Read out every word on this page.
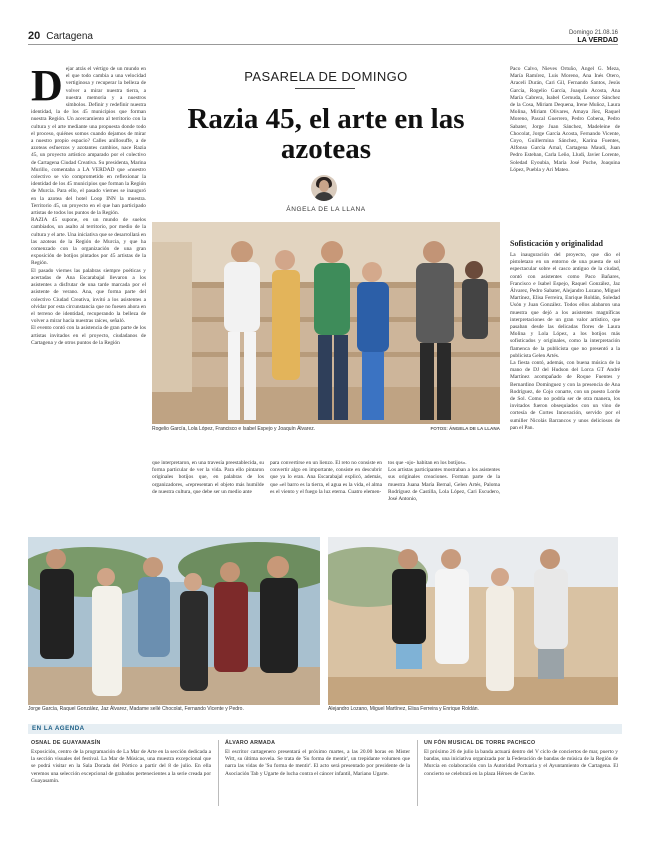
20 Cartagena	Domingo 21.08.16
LA VERDAD
D ejar atrás el vértigo de un mundo en el que todo cambia a una velocidad vertiginosa y recuperar la belleza de volver a mirar nuestra tierra, a nuestra memoria y a nuestros símbolos. Definir y redefinir nuestra identidad, la de los 45 municipios que forman nuestra Región. Un acercamiento al territorio con la cultura y el arte mediante una propuesta donde todo el proceso, quiénes somos cuando dejamos de mirar a nuestro propio espacio? Calles anillosuffe, a de azoteas esfuerzos y azotantes cambios, nace Razia 45, un proyecto artístico amparado por el colectivo de Cartagena Ciudad Creativa. Su presidenta, Marina Murillo, comentaba a LA VERDAD que «nuestro colectivo se vio comprometido en reflexionar la identidad de los 45 municipios que forman la Región de Murcia. Para ello, el pasado viernes se inauguró en la azotea del hotel Loop INN la muestra. Territorio 45, un proyecto en el que han participado artistas de todos los puntos de la Región.
RAZIA 45 supone, en un mundo de suelos cambiados, un asalto al territorio, por medio de la cultura y el arte. Una iniciativa que se desarrollará en las azoteas de la Región de Murcia, y que ha comenzado con la organización de una gran exposición de botijos pintados por 45 artistas de la Región.
El pasado viernes las palabras siempre poéticas y acertadas de Ana Escarabajal llevaron a los asistentes a disfrutar de una tarde marcada por el asistente de verano. Ana, que forma parte del colectivo Ciudad Creativa, invitó a los asistentes a olvidar por esta circunstancia que no fuesen ahora en el terreno de identidad, recuperando la belleza de volver a mirar hacia nuestras raíces, señaló.
El evento contó con la asistencia de gran parte de los artistas invitados en el proyecto, ciudadanos de Cartagena y de otros puntos de la Región
PASARELA DE DOMINGO
Razia 45, el arte en las azoteas
ÁNGELA DE LA LLANA
Rogelio García, Lola López, Francisco e Isabel Espejo y Joaquín Álvarez.	FOTOS: ÁNGELA DE LA LLANA
Paco Calvo, Nieves Ortuño, Ángel G. Meza, María Ramírez, Luis Moreno, Ana Inés Otero, Araceli Durán, Cari Gil, Fernando Santos, Jesús García, Rogelio García, Joaquín Acosta, Ana María Cabrera, Isabel Cernuda, Leonor Sánchez de la Cosa, Miriam Dequena, Irene Muñoz, Laura Molina, Miriam Olivares, Amaya Jíez, Raquel Moreno, Pascal Guerrero, Pedro Cobena, Pedro Sabater, Jorge Juan Sánchez, Madeleine de Chocolat, Jorge García Acosta, Fernando Vicente, Coyo, Guillermina Sánchez, Karina Fuentes, Alfonso García Arnal, Cartagena Maudi, Juan Pedro Esteban, Carla Leño, Lludi, Javier Lorente, Soledad Eyoubia, María José Puche, Joaquina López, Puebla y Ari Mateo.
Sofisticación y originalidad
La inauguración del proyecto, que dio el pistoletazo en un entorno de una puesta de sol espectacular sobre el casco antiguo de la ciudad, contó con asistentes como Paco Bañares, Francisco e Isabel Espejo, Raquel González, Jaz Álvarez, Pedro Sabater, Alejandro Lozano, Miguel Martínez, Elisa Ferreira, Enrique Roldán, Soledad Usón y Juan González. Todos ellos alabaron una muestra que dejó a los asistentes magníficas interpretaciones de un gran valor artístico, que pasaban desde las delicadas flores de Laura Molina y Lola López, a los botijos más sofisticados y originales, como la interpretación flamenca de la publicista que no presentó a la publicista Gelen Artés.
La fiesta contó, además, con buena música de la mano de DJ del Hudson del Lorca GT André Martínez acompañado de Roque Fuentes y Bernardino Domínguez y con la presencia de Ana Rodríguez, de Cojo conarte, con un puesto Lorde de Sol. Como no podría ser de otra manera, los invitados fueron obsequiados con un vino de cortesía de Cortes Innovación, servido por el sumiller Nicolás Barrancos y unos deliciosos de pan el Pan.
que interpretaron, en una travesía preestablecida, su forma particular de ver la vida. Para ello pintaron originales botijos que, en palabras de los organizadores, «representan el objeto más humilde de nuestra cultura, que debe ser un medio ante
para convertirse en un lienzo. El reto no consiste en convertir algo en importante, consiste en descubrir que ya lo eran. Ana Escarabajal explicó, además, que «el barro es la tierra, el agua es la vida, el alma es el viento y el fuego la luz eterna. Cuatro elemen-
tos que -ojo- habitan en los botijos».
Los artistas participantes mostraban a los asistentes sus originales creaciones. Forman parte de la muestra Juana María Bernal, Gelen Artés, Paloma Rodríguez de Castilla, Lola López, Cari Escudero, José Antonio,
Jorge García, Raquel González, Jaz Álvarez, Madame sellé Chocolat, Fernando Vicente y Pedro.	Alejandro Lozano, Miguel Martínez, Elisa Ferreira y Enrique Roldán.
EN LA AGENDA
OSNAL DE GUAYAMASÍN
Exposición, centro de la programación de La Mar de Arte en la sección dedicada a la sección visuales del festival. La Mar de Músicas, una muestra excepcional que se podrá visitar en la Sala Dorada del Pórtico a partir del 8 de julio. En ella veremos una selección excepcional de grabados pertenecientes a la serie creada por Guayasamín.
ÁLVARO ARMADA
El escritor cartagenero presentará el próximo martes, a las 20.00 horas en Mister Witt, su última novela. Se trata de 'Su forma de mentir', un trepidante volumen que narra las vidas de 'Su forma de mentir'. El acto será presentado por presidente de la Asociación Tab y Ugarte de lucha contra el cáncer infantil, Mariano Ugarte.
UN FÓN MUSICAL DE TORRE PACHECO
El próximo 26 de julio la banda actuará dentro del V ciclo de conciertos de mar, puerto y bandas, una iniciativa organizada por la Federación de bandas de música de la Región de Murcia en colaboración con la Autoridad Portuaria y el Ayuntamiento de Cartagena. El concierto se celebrará en la plaza Héroes de Cavite.
